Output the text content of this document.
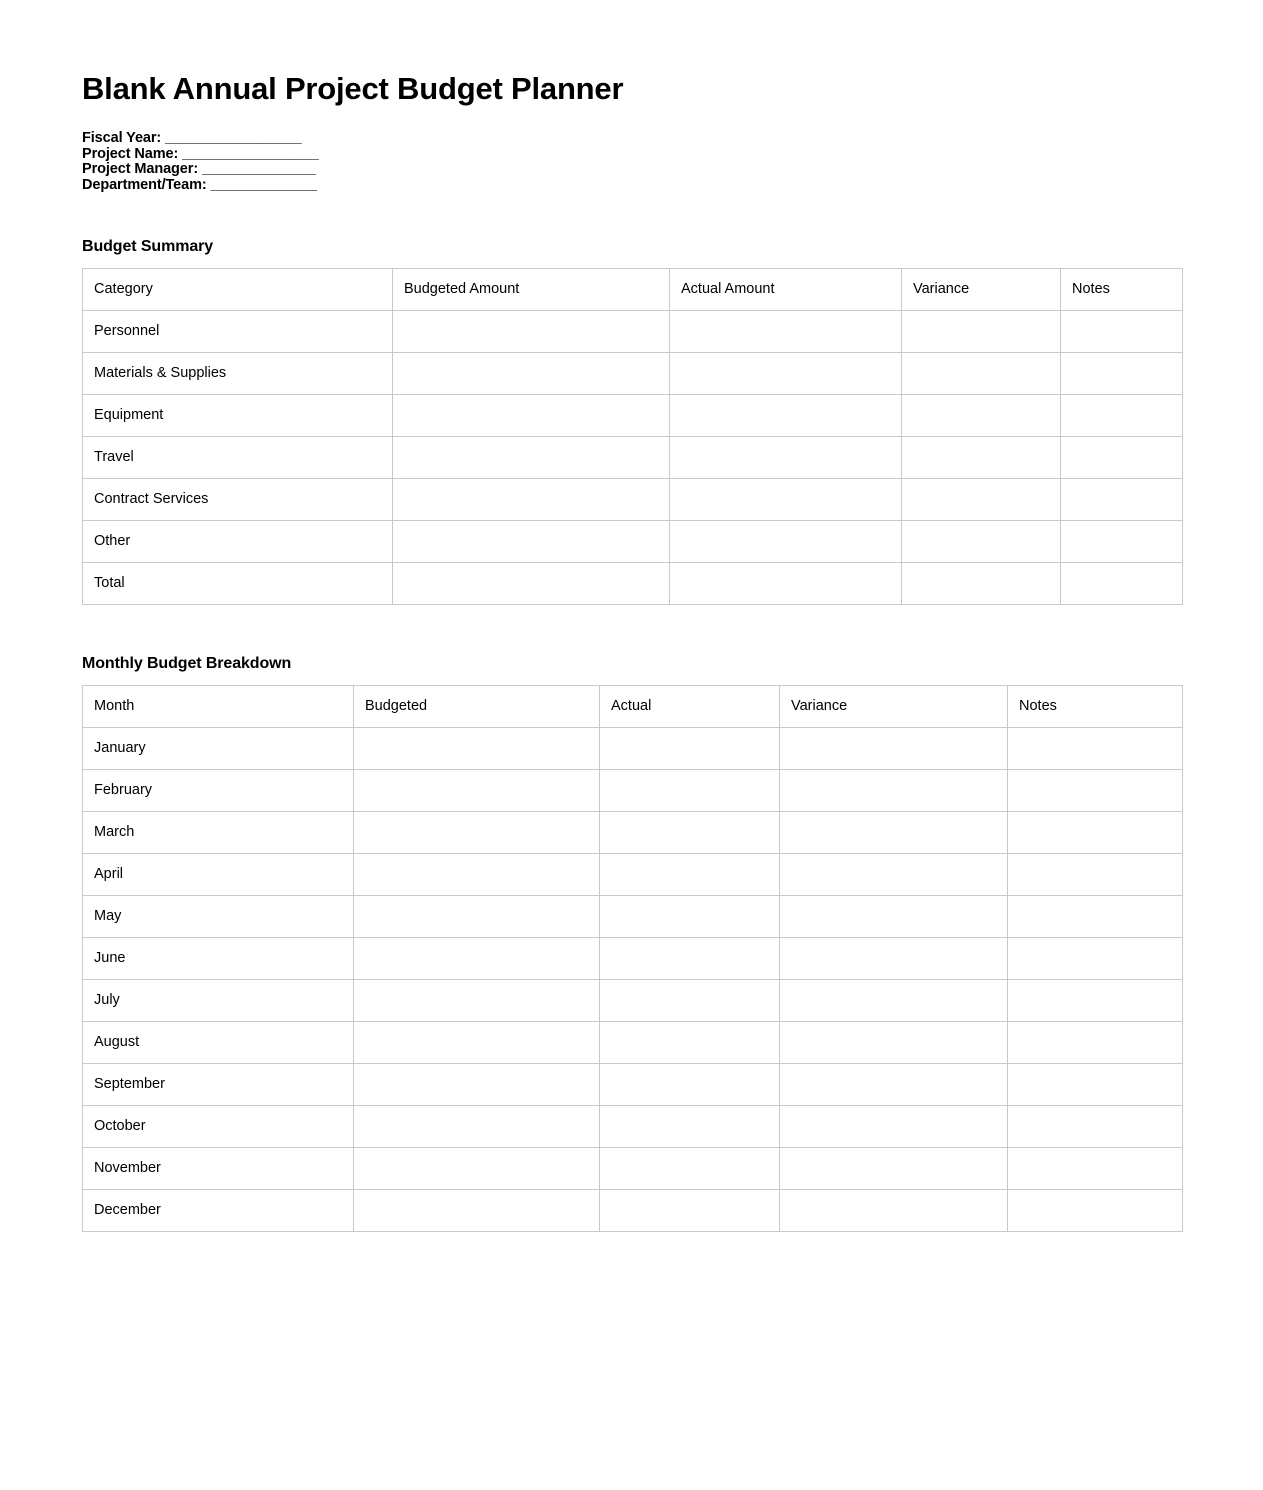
Blank Annual Project Budget Planner
Fiscal Year: __________________
Project Name: __________________
Project Manager: _______________
Department/Team: ______________
Budget Summary
Category	Budgeted Amount	Actual Amount	Variance	Notes
Personnel				
Materials & Supplies				
Equipment				
Travel				
Contract Services				
Other				
Total				
Monthly Budget Breakdown
Month	Budgeted	Actual	Variance	Notes
January				
February				
March				
April				
May				
June				
July				
August				
September				
October				
November				
December				
